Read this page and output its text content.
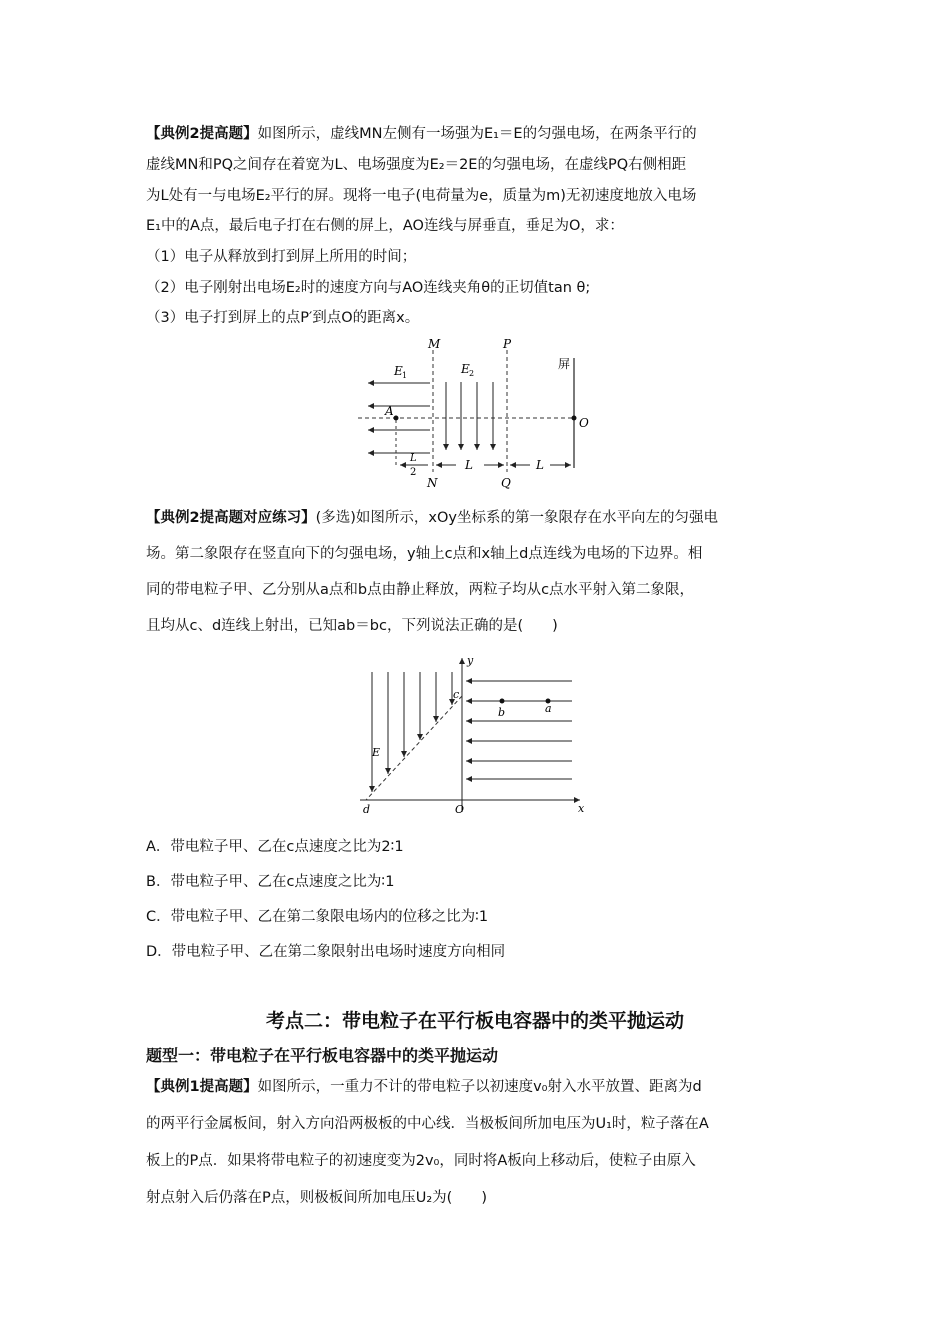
【典例2提高题】如图所示，虚线MN左侧有一场强为E₁＝E的匀强电场，在两条平行的
虚线MN和PQ之间存在着宽为L、电场强度为E₂＝2E的匀强电场，在虚线PQ右侧相距
为L处有一与电场E₂平行的屏。现将一电子(电荷量为e，质量为m)无初速度地放入电场
E₁中的A点，最后电子打在右侧的屏上，AO连线与屏垂直，垂足为O，求：
（1）电子从释放到打到屏上所用的时间；
（2）电子刚射出电场E₂时的速度方向与AO连线夹角θ的正切值tan θ;
（3）电子打到屏上的点P′到点O的距离x。
M	P
屏
E 1	E 2
A
O
L
2
L	L
N	Q
【典例2提高题对应练习】(多选)如图所示，xOy坐标系的第一象限存在水平向左的匀强电
场。第二象限存在竖直向下的匀强电场，y轴上c点和x轴上d点连线为电场的下边界。相
同的带电粒子甲、乙分别从a点和b点由静止释放，两粒子均从c点水平射入第二象限，
且均从c、d连线上射出，已知ab＝bc，下列说法正确的是(　　)
y
x
c
b	a
E
d	O
A．带电粒子甲、乙在c点速度之比为2∶1
B．带电粒子甲、乙在c点速度之比为∶1
C．带电粒子甲、乙在第二象限电场内的位移之比为∶1
D．带电粒子甲、乙在第二象限射出电场时速度方向相同
考点二：带电粒子在平行板电容器中的类平抛运动
题型一：带电粒子在平行板电容器中的类平抛运动
【典例1提高题】如图所示，一重力不计的带电粒子以初速度v₀射入水平放置、距离为d
的两平行金属板间，射入方向沿两极板的中心线．当极板间所加电压为U₁时，粒子落在A
板上的P点．如果将带电粒子的初速度变为2v₀，同时将A板向上移动后，使粒子由原入
射点射入后仍落在P点，则极板间所加电压U₂为(　　)
